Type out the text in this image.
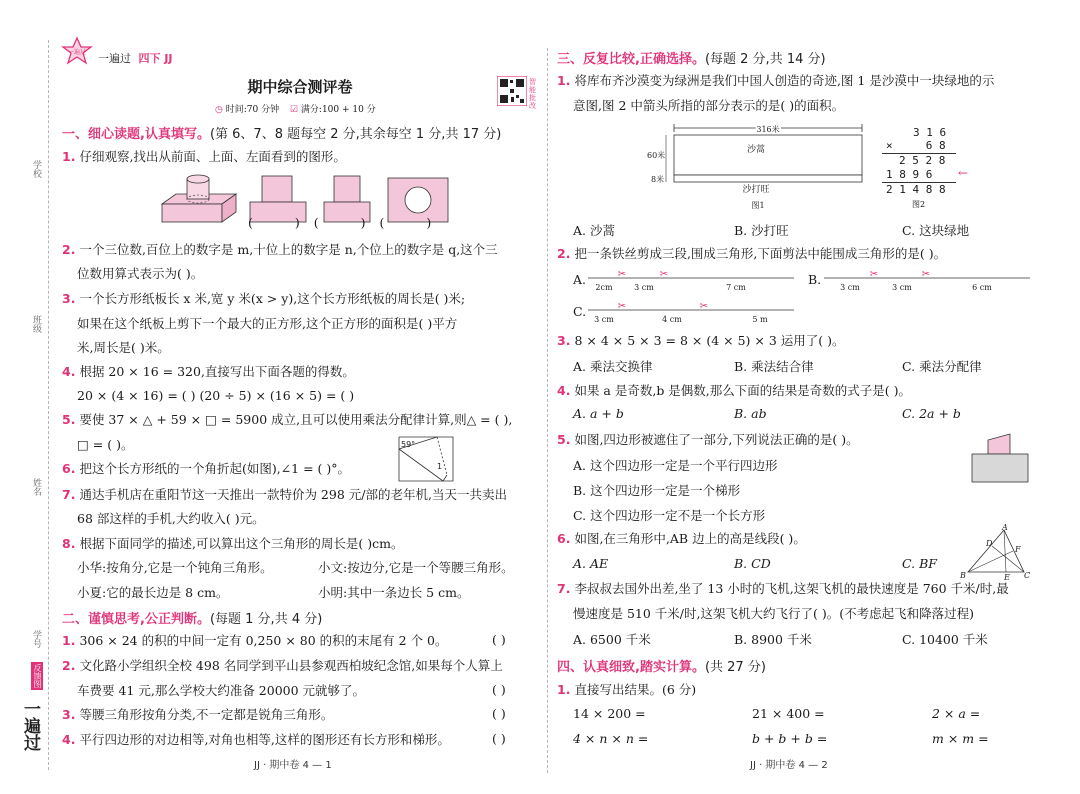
学校
班级
姓名
学号
一遍过
反馈图
一遍过 一遍过 四下 JJ
期中综合测评卷
◷ 时间:70 分钟 ☑ 满分:100 + 10 分
智能批改
一、细心读题,认真填写。(第 6、7、8 题每空 2 分,其余每空 1 分,共 17 分)
1. 仔细观察,找出从前面、上面、左面看到的图形。
(	) (	) (	)
2. 一个三位数,百位上的数字是 m,十位上的数字是 n,个位上的数字是 q,这个三
位数用算式表示为( )。
3. 一个长方形纸板长 x 米,宽 y 米(x > y),这个长方形纸板的周长是( )米;
如果在这个纸板上剪下一个最大的正方形,这个正方形的面积是( )平方
米,周长是( )米。
4. 根据 20 × 16 = 320,直接写出下面各题的得数。
20 × (4 × 16) = ( ) (20 ÷ 5) × (16 × 5) = ( )
5. 要使 37 × △ + 59 × □ = 5900 成立,且可以使用乘法分配律计算,则△ = ( ),
□ = ( )。
6. 把这个长方形纸的一个角折起(如图),∠1 = ( )°。
59°
1
7. 通达手机店在重阳节这一天推出一款特价为 298 元/部的老年机,当天一共卖出
68 部这样的手机,大约收入( )元。
8. 根据下面同学的描述,可以算出这个三角形的周长是( )cm。
小华:按角分,它是一个钝角三角形。	小文:按边分,它是一个等腰三角形。
小夏:它的最长边是 8 cm。	小明:其中一条边长 5 cm。
二、谨慎思考,公正判断。(每题 1 分,共 4 分)
1. 306 × 24 的积的中间一定有 0,250 × 80 的积的末尾有 2 个 0。	( )
2. 文化路小学组织全校 498 名同学到平山县参观西柏坡纪念馆,如果每个人算上
车费要 41 元,那么学校大约准备 20000 元就够了。	( )
3. 等腰三角形按角分类,不一定都是锐角三角形。	( )
4. 平行四边形的对边相等,对角也相等,这样的图形还有长方形和梯形。	( )
JJ · 期中卷 4 — 1
三、反复比较,正确选择。(每题 2 分,共 14 分)
1. 将库布齐沙漠变为绿洲是我们中国人创造的奇迹,图 1 是沙漠中一块绿地的示
意图,图 2 中箭头所指的部分表示的是( )的面积。
316米
60米
8米
沙蒿
沙打旺
图1
3 1 6
×     6 8
2 5 2 8
1 8 9 6 ←
2 1 4 8 8
图2
A. 沙蒿	B. 沙打旺	C. 这块绿地
2. 把一条铁丝剪成三段,围成三角形,下面剪法中能围成三角形的是( )。
A.	✂	✂
2cm	3 cm	7 cm
B.	✂	✂
3 cm	3 cm	6 cm
C.	✂	✂
3 cm	4 cm	5 m
3. 8 × 4 × 5 × 3 = 8 × (4 × 5) × 3 运用了( )。
A. 乘法交换律	B. 乘法结合律	C. 乘法分配律
4. 如果 a 是奇数,b 是偶数,那么下面的结果是奇数的式子是( )。
A. a + b	B. ab	C. 2a + b
5. 如图,四边形被遮住了一部分,下列说法正确的是( )。
A. 这个四边形一定是一个平行四边形
B. 这个四边形一定是一个梯形
C. 这个四边形一定不是一个长方形
6. 如图,在三角形中,AB 边上的高是线段( )。
A
B	C
D
E
F
A. AE	B. CD	C. BF
7. 李叔叔去国外出差,坐了 13 小时的飞机,这架飞机的最快速度是 760 千米/时,最
慢速度是 510 千米/时,这架飞机大约飞行了( )。(不考虑起飞和降落过程)
A. 6500 千米	B. 8900 千米	C. 10400 千米
四、认真细致,踏实计算。(共 27 分)
1. 直接写出结果。(6 分)
14 × 200 =	21 × 400 =	2 × a =
4 × n × n =	b + b + b =	m × m =
JJ · 期中卷 4 — 2
